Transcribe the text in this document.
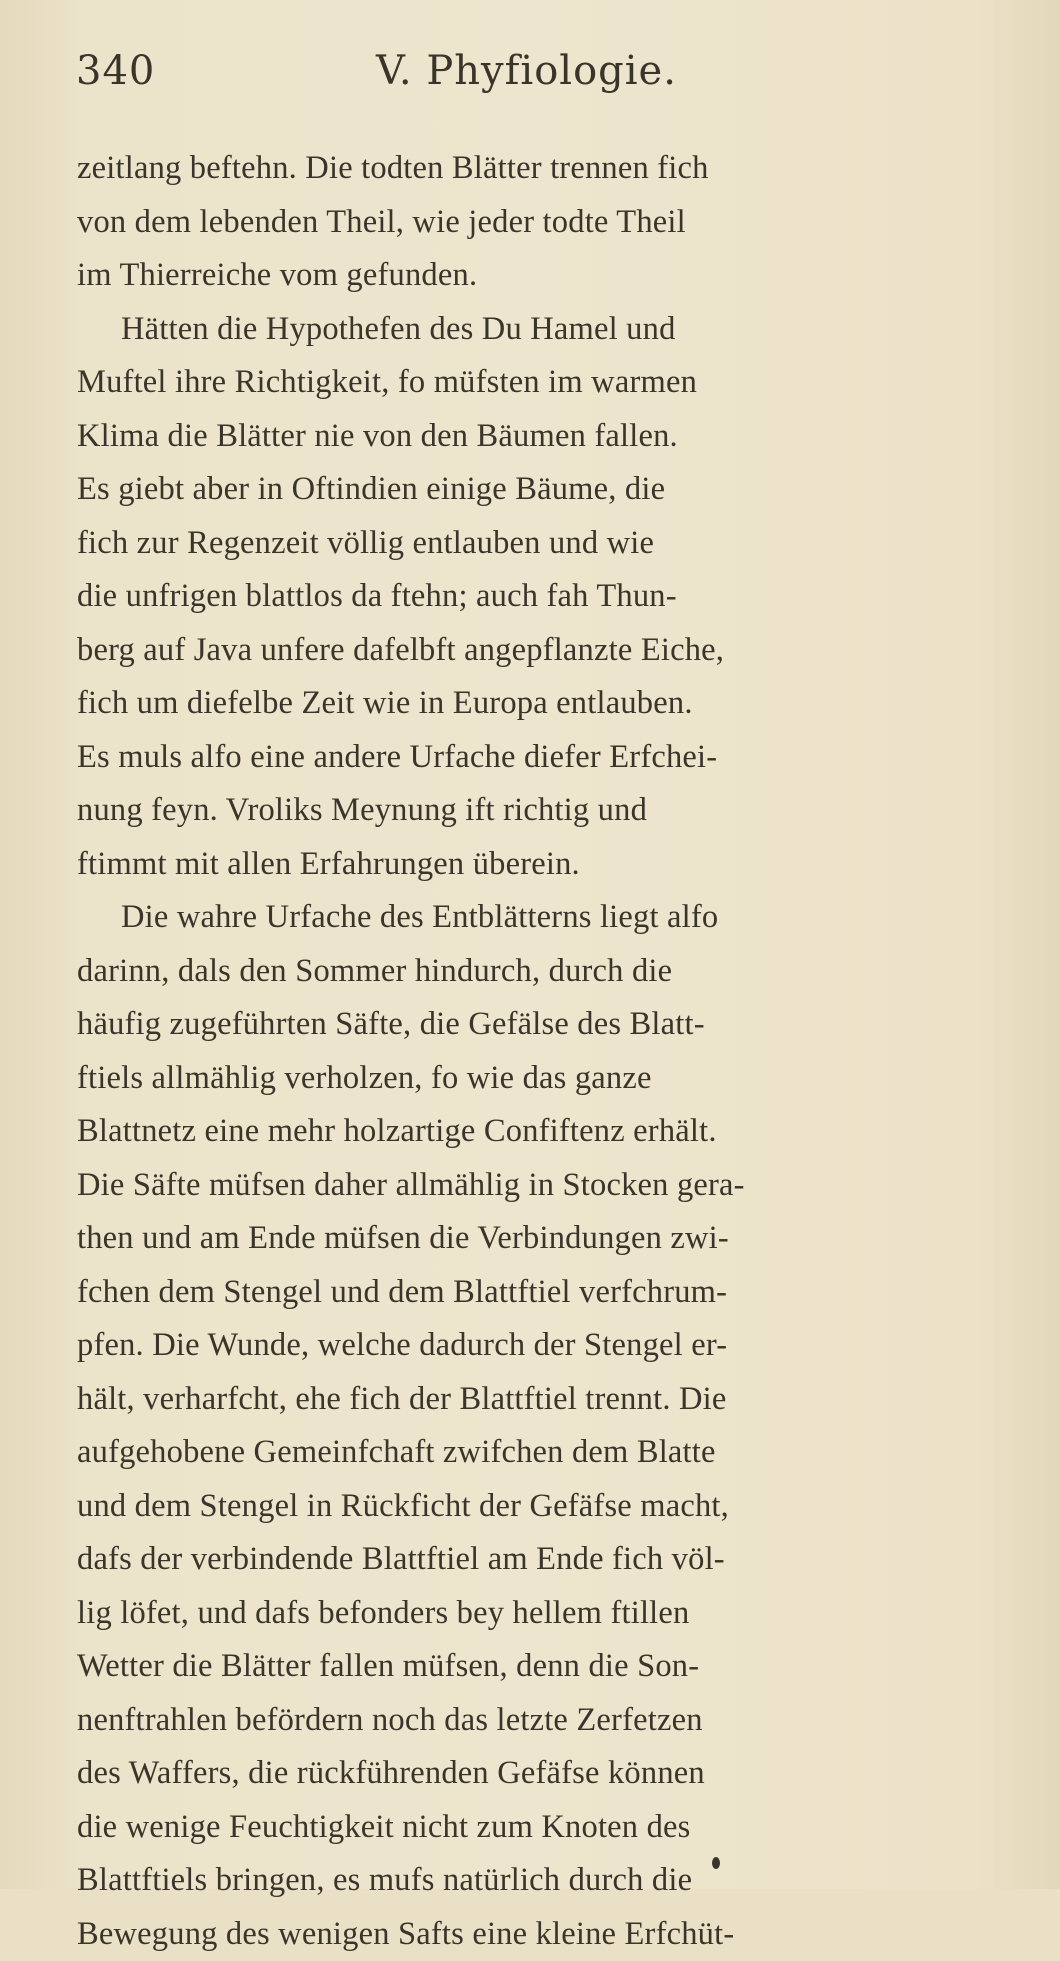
340	V. Phyfiologie.
zeitlang beftehn. Die todten Blätter trennen fich
von dem lebenden Theil, wie jeder todte Theil
im Thierreiche vom gefunden.
Hätten die Hypothefen des Du Hamel und
Muftel ihre Richtigkeit, fo müfsten im warmen
Klima die Blätter nie von den Bäumen fallen.
Es giebt aber in Oftindien einige Bäume, die
fich zur Regenzeit völlig entlauben und wie
die unfrigen blattlos da ftehn; auch fah Thun-
berg auf Java unfere dafelbft angepflanzte Eiche,
fich um diefelbe Zeit wie in Europa entlauben.
Es muls alfo eine andere Urfache diefer Erfchei-
nung feyn. Vroliks Meynung ift richtig und
ftimmt mit allen Erfahrungen überein.
Die wahre Urfache des Entblätterns liegt alfo
darinn, dals den Sommer hindurch, durch die
häufig zugeführten Säfte, die Gefälse des Blatt-
ftiels allmählig verholzen, fo wie das ganze
Blattnetz eine mehr holzartige Confiftenz erhält.
Die Säfte müfsen daher allmählig in Stocken gera-
then und am Ende müfsen die Verbindungen zwi-
fchen dem Stengel und dem Blattftiel verfchrum-
pfen. Die Wunde, welche dadurch der Stengel er-
hält, verharfcht, ehe fich der Blattftiel trennt. Die
aufgehobene Gemeinfchaft zwifchen dem Blatte
und dem Stengel in Rückficht der Gefäfse macht,
dafs der verbindende Blattftiel am Ende fich völ-
lig löfet, und dafs befonders bey hellem ftillen
Wetter die Blätter fallen müfsen, denn die Son-
nenftrahlen befördern noch das letzte Zerfetzen
des Waffers, die rückführenden Gefäfse können
die wenige Feuchtigkeit nicht zum Knoten des
Blattftiels bringen, es mufs natürlich durch die
Bewegung des wenigen Safts eine kleine Erfchüt-
